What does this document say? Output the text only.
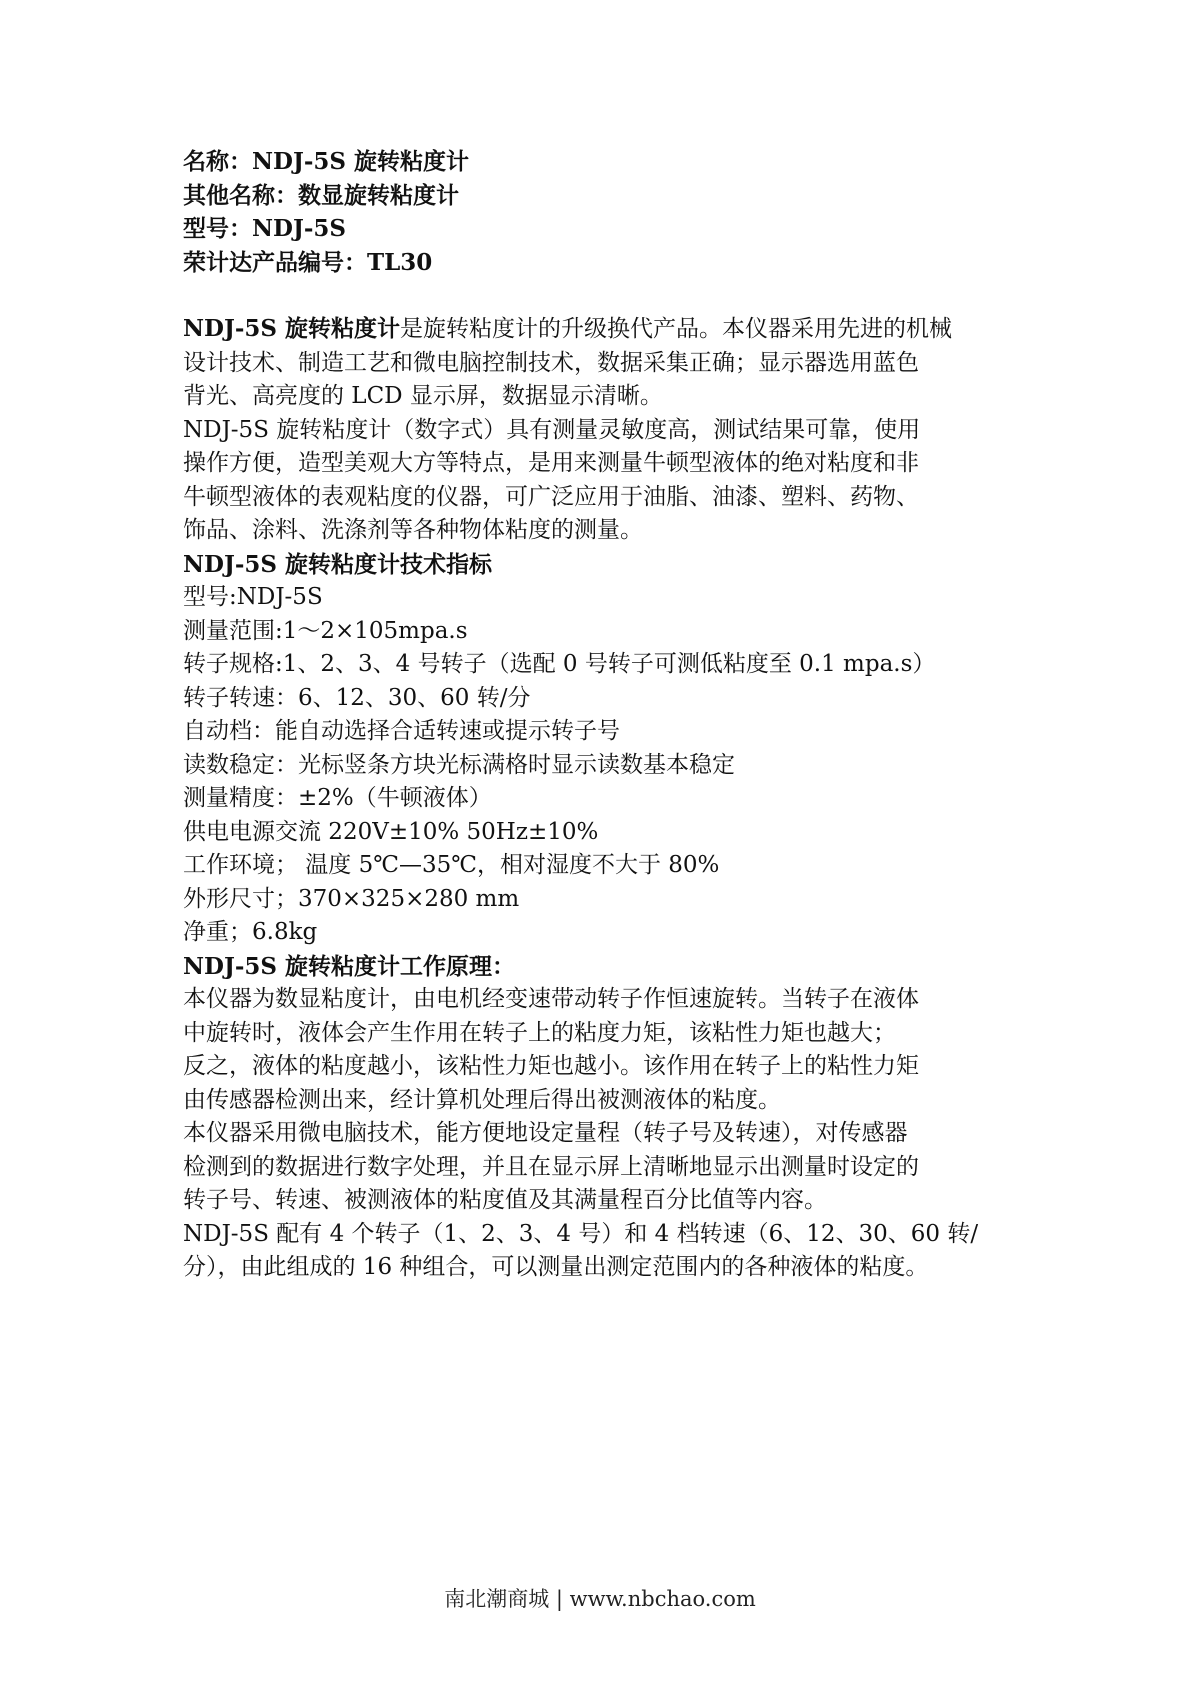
名称：NDJ-5S 旋转粘度计

其他名称：数显旋转粘度计

型号：NDJ-5S

荣计达产品编号：TL30

NDJ-5S 旋转粘度计是旋转粘度计的升级换代产品。本仪器采用先进的机械

设计技术、制造工艺和微电脑控制技术，数据采集正确；显示器选用蓝色

背光、高亮度的 LCD 显示屏，数据显示清晰。

NDJ-5S 旋转粘度计（数字式）具有测量灵敏度高，测试结果可靠，使用

操作方便，造型美观大方等特点，是用来测量牛顿型液体的绝对粘度和非

牛顿型液体的表观粘度的仪器，可广泛应用于油脂、油漆、塑料、药物、

饰品、涂料、洗涤剂等各种物体粘度的测量。

NDJ-5S 旋转粘度计技术指标

型号:NDJ-5S

测量范围:1～2×105mpa.s

转子规格:1、2、3、4 号转子（选配 0 号转子可测低粘度至 0.1 mpa.s）

转子转速：6、12、30、60 转/分

自动档：能自动选择合适转速或提示转子号

读数稳定：光标竖条方块光标满格时显示读数基本稳定

测量精度：±2%（牛顿液体）

供电电源交流 220V±10% 50Hz±10%

工作环境； 温度 5℃—35℃，相对湿度不大于 80%

外形尺寸；370×325×280 mm

净重；6.8kg

NDJ-5S 旋转粘度计工作原理：

本仪器为数显粘度计，由电机经变速带动转子作恒速旋转。当转子在液体

中旋转时，液体会产生作用在转子上的粘度力矩，该粘性力矩也越大；

反之，液体的粘度越小，该粘性力矩也越小。该作用在转子上的粘性力矩

由传感器检测出来，经计算机处理后得出被测液体的粘度。

本仪器采用微电脑技术，能方便地设定量程（转子号及转速），对传感器

检测到的数据进行数字处理，并且在显示屏上清晰地显示出测量时设定的

转子号、转速、被测液体的粘度值及其满量程百分比值等内容。

NDJ-5S 配有 4 个转子（1、2、3、4 号）和 4 档转速（6、12、30、60 转/

分），由此组成的 16 种组合，可以测量出测定范围内的各种液体的粘度。

南北潮商城 | www.nbchao.com
